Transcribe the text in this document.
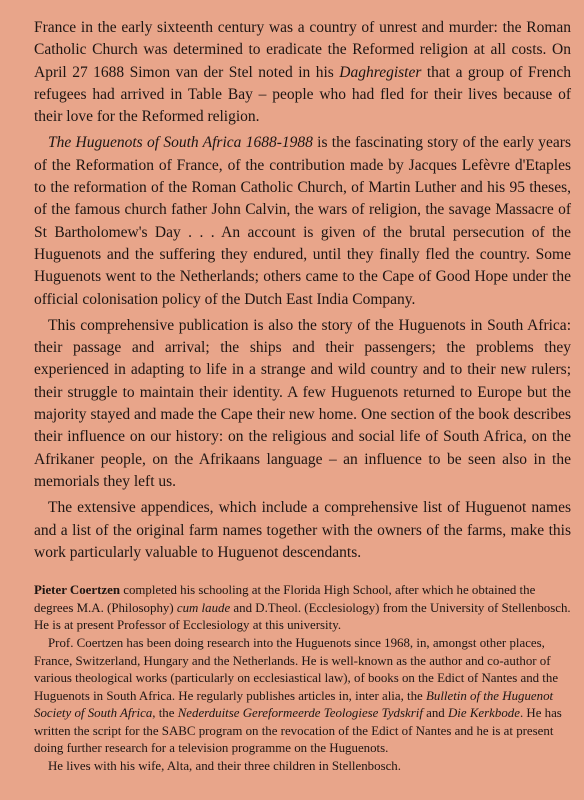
France in the early sixteenth century was a country of unrest and murder: the Roman Catholic Church was determined to eradicate the Reformed religion at all costs. On April 27 1688 Simon van der Stel noted in his Daghregister that a group of French refugees had arrived in Table Bay – people who had fled for their lives because of their love for the Reformed religion.

The Huguenots of South Africa 1688-1988 is the fascinating story of the early years of the Reformation of France, of the contribution made by Jacques Lefèvre d'Etaples to the reformation of the Roman Catholic Church, of Martin Luther and his 95 theses, of the famous church father John Calvin, the wars of religion, the savage Massacre of St Bartholomew's Day . . . An account is given of the brutal persecution of the Huguenots and the suffering they endured, until they finally fled the country. Some Huguenots went to the Netherlands; others came to the Cape of Good Hope under the official colonisation policy of the Dutch East India Company.

This comprehensive publication is also the story of the Huguenots in South Africa: their passage and arrival; the ships and their passengers; the problems they experienced in adapting to life in a strange and wild country and to their new rulers; their struggle to maintain their identity. A few Huguenots returned to Europe but the majority stayed and made the Cape their new home. One section of the book describes their influence on our history: on the religious and social life of South Africa, on the Afrikaner people, on the Afrikaans language – an influence to be seen also in the memorials they left us.

The extensive appendices, which include a comprehensive list of Huguenot names and a list of the original farm names together with the owners of the farms, make this work particularly valuable to Huguenot descendants.

Pieter Coertzen completed his schooling at the Florida High School, after which he obtained the degrees M.A. (Philosophy) cum laude and D.Theol. (Ecclesiology) from the University of Stellenbosch. He is at present Professor of Ecclesiology at this university.

Prof. Coertzen has been doing research into the Huguenots since 1968, in, amongst other places, France, Switzerland, Hungary and the Netherlands. He is well-known as the author and co-author of various theological works (particularly on ecclesiastical law), of books on the Edict of Nantes and the Huguenots in South Africa. He regularly publishes articles in, inter alia, the Bulletin of the Huguenot Society of South Africa, the Nederduitse Gereformeerde Teologiese Tydskrif and Die Kerkbode. He has written the script for the SABC program on the revocation of the Edict of Nantes and he is at present doing further research for a television programme on the Huguenots.

He lives with his wife, Alta, and their three children in Stellenbosch.
